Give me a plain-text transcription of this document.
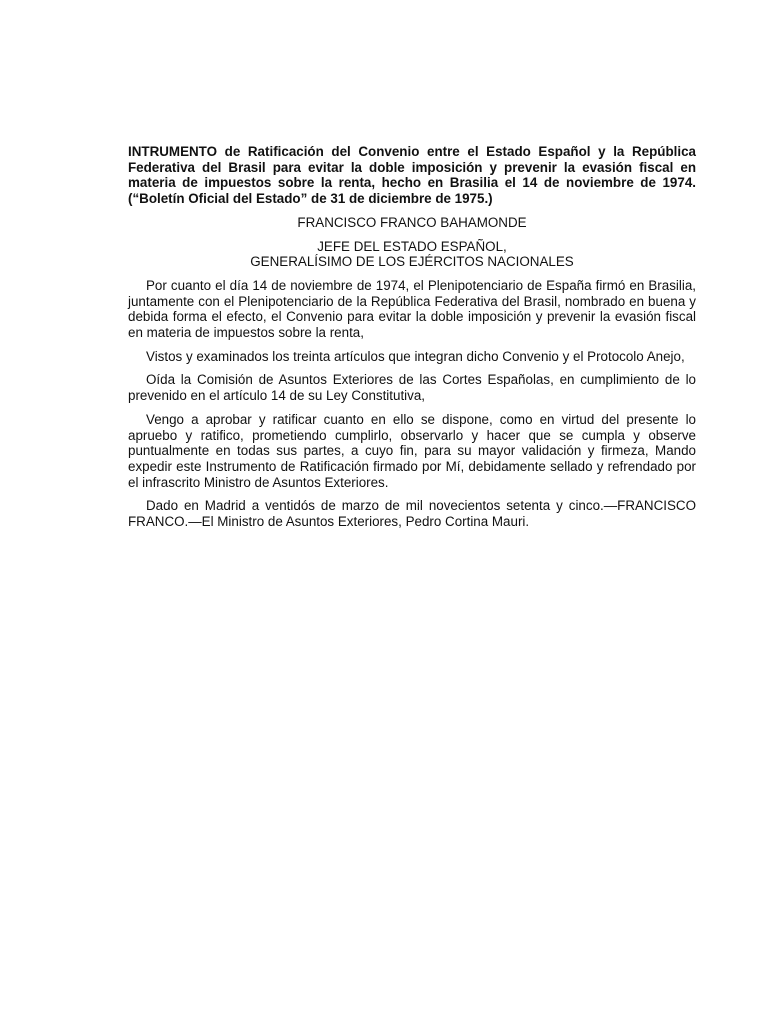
INTRUMENTO de Ratificación del Convenio entre el Estado Español y la República Federativa del Brasil para evitar la doble imposición y prevenir la evasión fiscal en materia de impuestos sobre la renta, hecho en Brasilia el 14 de noviembre de 1974. (“Boletín Oficial del Estado” de 31 de diciembre de 1975.)

FRANCISCO FRANCO BAHAMONDE

JEFE DEL ESTADO ESPAÑOL,

GENERALÍSIMO DE LOS EJÉRCITOS NACIONALES

Por cuanto el día 14 de noviembre de 1974, el Plenipotenciario de España firmó en Brasilia, juntamente con el Plenipotenciario de la República Federativa del Brasil, nombrado en buena y debida forma el efecto, el Convenio para evitar la doble imposición y prevenir la evasión fiscal en materia de impuestos sobre la renta,

Vistos y examinados los treinta artículos que integran dicho Convenio y el Protocolo Anejo,

Oída la Comisión de Asuntos Exteriores de las Cortes Españolas, en cumplimiento de lo prevenido en el artículo 14 de su Ley Constitutiva,

Vengo a aprobar y ratificar cuanto en ello se dispone, como en virtud del presente lo apruebo y ratifico, prometiendo cumplirlo, observarlo y hacer que se cumpla y observe puntualmente en todas sus partes, a cuyo fin, para su mayor validación y firmeza, Mando expedir este Instrumento de Ratificación firmado por Mí, debidamente sellado y refrendado por el infrascrito Ministro de Asuntos Exteriores.

Dado en Madrid a ventidós de marzo de mil novecientos setenta y cinco.—FRANCISCO FRANCO.—El Ministro de Asuntos Exteriores, Pedro Cortina Mauri.
